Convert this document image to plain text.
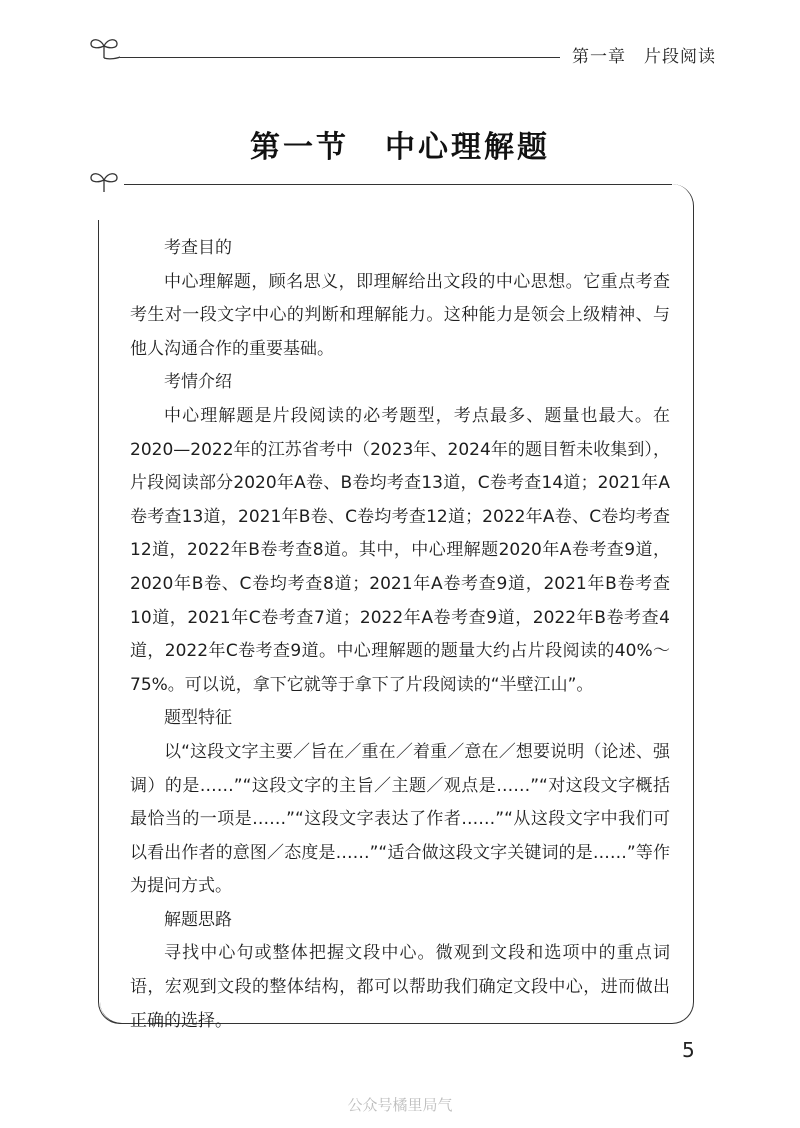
第一章 片段阅读
第一节 中心理解题
考查目的

中心理解题，顾名思义，即理解给出文段的中心思想。它重点考查考生对一段文字中心的判断和理解能力。这种能力是领会上级精神、与他人沟通合作的重要基础。

考情介绍

中心理解题是片段阅读的必考题型，考点最多、题量也最大。在2020—2022年的江苏省考中（2023年、2024年的题目暂未收集到），片段阅读部分2020年A卷、B卷均考查13道，C卷考查14道；2021年A卷考查13道，2021年B卷、C卷均考查12道；2022年A卷、C卷均考查12道，2022年B卷考查8道。其中，中心理解题2020年A卷考查9道，2020年B卷、C卷均考查8道；2021年A卷考查9道，2021年B卷考查10道，2021年C卷考查7道；2022年A卷考查9道，2022年B卷考查4道，2022年C卷考查9道。中心理解题的题量大约占片段阅读的40%～75%。可以说，拿下它就等于拿下了片段阅读的“半壁江山”。

题型特征

以“这段文字主要／旨在／重在／着重／意在／想要说明（论述、强调）的是……”“这段文字的主旨／主题／观点是……”“对这段文字概括最恰当的一项是……”“这段文字表达了作者……”“从这段文字中我们可以看出作者的意图／态度是……”“适合做这段文字关键词的是……”等作为提问方式。

解题思路

寻找中心句或整体把握文段中心。微观到文段和选项中的重点词语，宏观到文段的整体结构，都可以帮助我们确定文段中心，进而做出正确的选择。

5
公众号橘里局气
